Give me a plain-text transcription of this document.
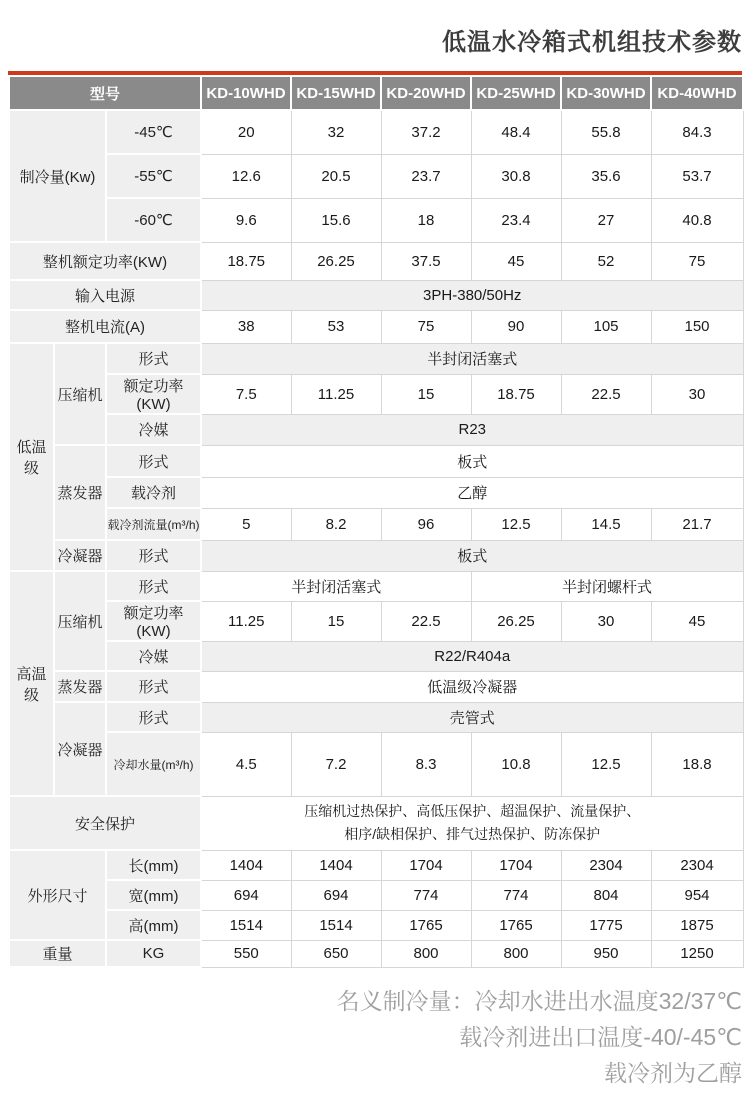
低温水冷箱式机组技术参数
型号			KD-10WHD	KD-15WHD	KD-20WHD	KD-25WHD	KD-30WHD	KD-40WHD
制冷量(Kw)		-45℃	20	32	37.2	48.4	55.8	84.3
		-55℃	12.6	20.5	23.7	30.8	35.6	53.7
		-60℃	9.6	15.6	18	23.4	27	40.8
整机额定功率(KW)			18.75	26.25	37.5	45	52	75
输入电源			3PH-380/50Hz					
整机电流(A)			38	53	75	90	105	150
低温级	压缩机	形式	半封闭活塞式					
		额定功率(KW)	7.5	11.25	15	18.75	22.5	30
		冷媒	R23					
	蒸发器	形式	板式					
		载冷剂	乙醇					
		载冷剂流量(m³/h)	5	8.2	96	12.5	14.5	21.7
	冷凝器	形式	板式					
高温级	压缩机	形式	半封闭活塞式			半封闭螺杆式		
		额定功率(KW)	11.25	15	22.5	26.25	30	45
		冷媒	R22/R404a					
	蒸发器	形式	低温级冷凝器					
	冷凝器	形式	壳管式					
		冷却水量(m³/h)	4.5	7.2	8.3	10.8	12.5	18.8
安全保护			压缩机过热保护、高低压保护、超温保护、流量保护、
相序/缺相保护、排气过热保护、防冻保护					

外形尺寸		长(mm)	1404	1404	1704	1704	2304	2304
		宽(mm)	694	694	774	774	804	954
		高(mm)	1514	1514	1765	1765	1775	1875
重量		KG	550	650	800	800	950	1250
名义制冷量：冷却水进出水温度32/37℃
载冷剂进出口温度-40/-45℃
载冷剂为乙醇
